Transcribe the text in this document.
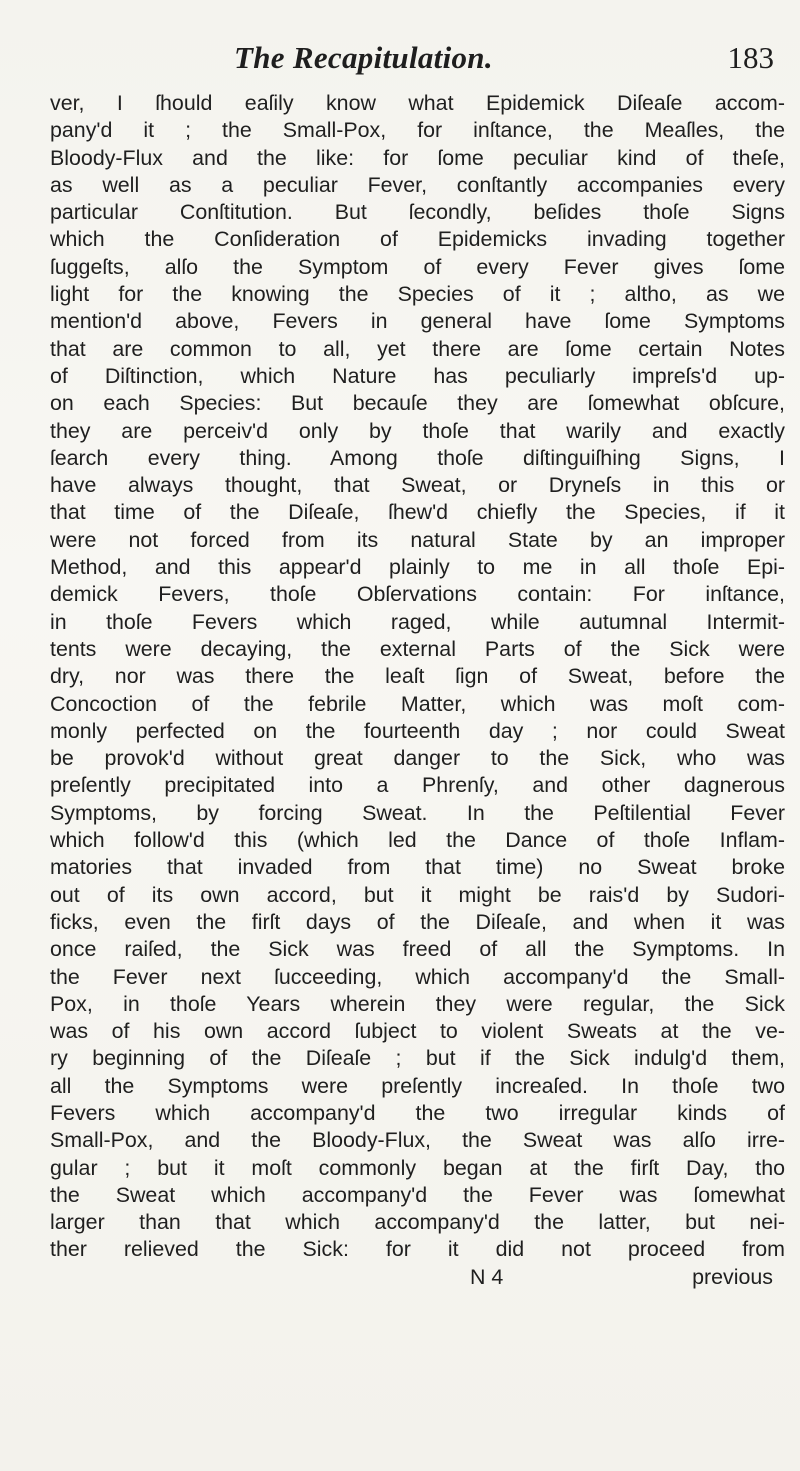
The Recapitulation.	183
ver, I ſhould eaſily know what Epidemick Diſeaſe accom-
pany'd it ; the Small-Pox, for inſtance, the Meaſles, the
Bloody-Flux and the like: for ſome peculiar kind of theſe,
as well as a peculiar Fever, conſtantly accompanies every
particular Conſtitution. But ſecondly, beſides thoſe Signs
which the Conſideration of Epidemicks invading together
ſuggeſts, alſo the Symptom of every Fever gives ſome
light for the knowing the Species of it ; altho, as we
mention'd above, Fevers in general have ſome Symptoms
that are common to all, yet there are ſome certain Notes
of Diſtinction, which Nature has peculiarly impreſs'd up-
on each Species: But becauſe they are ſomewhat obſcure,
they are perceiv'd only by thoſe that warily and exactly
ſearch every thing. Among thoſe diſtinguiſhing Signs, I
have always thought, that Sweat, or Dryneſs in this or
that time of the Diſeaſe, ſhew'd chiefly the Species, if it
were not forced from its natural State by an improper
Method, and this appear'd plainly to me in all thoſe Epi-
demick Fevers, thoſe Obſervations contain: For inſtance,
in thoſe Fevers which raged, while autumnal Intermit-
tents were decaying, the external Parts of the Sick were
dry, nor was there the leaſt ſign of Sweat, before the
Concoction of the febrile Matter, which was moſt com-
monly perfected on the fourteenth day ; nor could Sweat
be provok'd without great danger to the Sick, who was
preſently precipitated into a Phrenſy, and other dagnerous
Symptoms, by forcing Sweat. In the Peſtilential Fever
which follow'd this (which led the Dance of thoſe Inflam-
matories that invaded from that time) no Sweat broke
out of its own accord, but it might be rais'd by Sudori-
ficks, even the firſt days of the Diſeaſe, and when it was
once raiſed, the Sick was freed of all the Symptoms. In
the Fever next ſucceeding, which accompany'd the Small-
Pox, in thoſe Years wherein they were regular, the Sick
was of his own accord ſubject to violent Sweats at the ve-
ry beginning of the Diſeaſe ; but if the Sick indulg'd them,
all the Symptoms were preſently increaſed. In thoſe two
Fevers which accompany'd the two irregular kinds of
Small-Pox, and the Bloody-Flux, the Sweat was alſo irre-
gular ; but it moſt commonly began at the firſt Day, tho
the Sweat which accompany'd the Fever was ſomewhat
larger than that which accompany'd the latter, but nei-
ther relieved the Sick: for it did not proceed from
N 4	previous
